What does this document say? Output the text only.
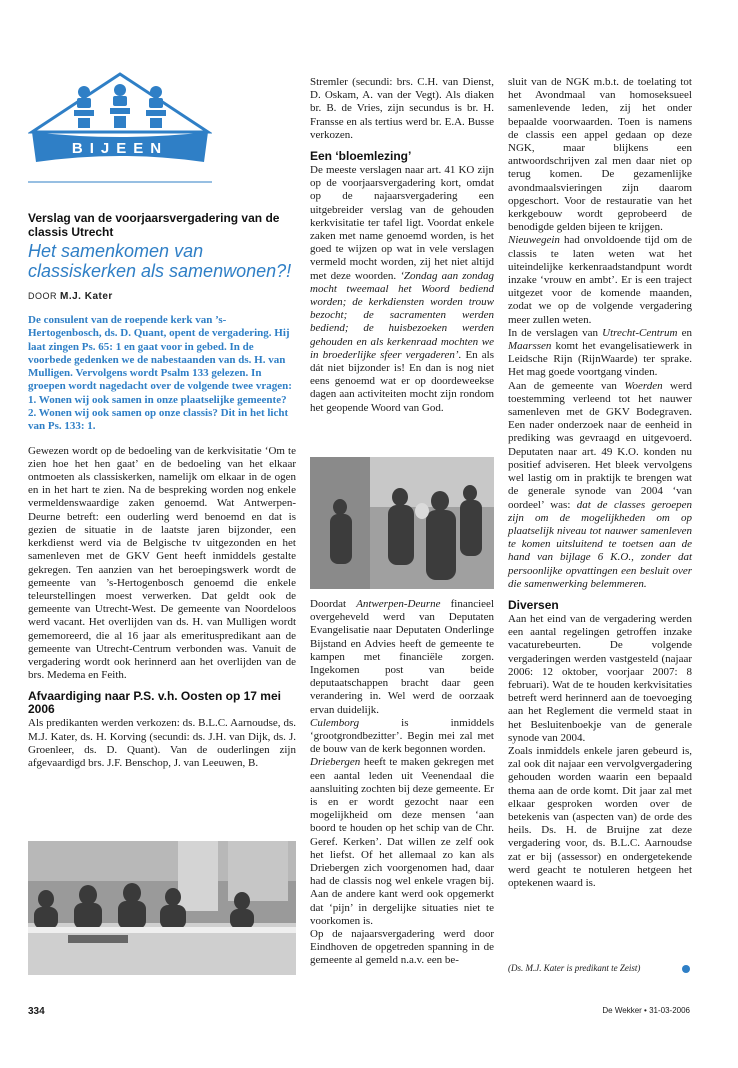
BIJEEN
Verslag van de voorjaarsvergadering van de classis Utrecht
Het samenkomen van classiskerken als samenwonen?!
DOOR M.J. Kater
De consulent van de roepende kerk van ’s-Hertogenbosch, ds. D. Quant, opent de vergadering. Hij laat zingen Ps. 65: 1 en gaat voor in gebed. In de voorbede gedenken we de nabestaanden van ds. H. van Mulligen. Vervolgens wordt Psalm 133 gelezen. In groepen wordt nagedacht over de volgende twee vragen: 1. Wonen wij ook samen in onze plaatselijke gemeente? 2. Wonen wij ook samen op onze classis? Dit in het licht van Ps. 133: 1.

Gewezen wordt op de bedoeling van de kerkvisitatie ‘Om te zien hoe het hen gaat’ en de bedoeling van het elkaar ontmoeten als classiskerken, namelijk om elkaar in de ogen en in het hart te zien. Na de bespreking worden nog enkele vermeldenswaardige zaken genoemd. Wat Antwerpen-Deurne betreft: een ouderling werd benoemd en dat is gezien de situatie in de laatste jaren bijzonder, een kerkdienst werd via de Belgische tv uitgezonden en het samenleven met de GKV Gent heeft inmiddels gestalte gekregen. Ten aanzien van het beroepingswerk wordt de gemeente van ’s-Hertogenbosch genoemd die enkele teleurstellingen moest verwerken. Dat geldt ook de gemeente van Utrecht-West. De gemeente van Noordeloos werd vacant. Het overlijden van ds. H. van Mulligen wordt gememoreerd, die al 16 jaar als emerituspredikant aan de gemeente van Utrecht-Centrum verbonden was. Vanuit de vergadering wordt ook herinnerd aan het overlijden van de brs. Medema en Feith.

Afvaardiging naar P.S. v.h. Oosten op 17 mei 2006

Als predikanten werden verkozen: ds. B.L.C. Aarnoudse, ds. M.J. Kater, ds. H. Korving (secundi: ds. J.H. van Dijk, ds. J. Groenleer, ds. D. Quant). Van de ouderlingen zijn afgevaardigd brs. J.F. Benschop, J. van Leeuwen, B.

Stremler (secundi: brs. C.H. van Dienst, D. Oskam, A. van der Vegt). Als diaken br. B. de Vries, zijn secundus is br. H. Fransse en als tertius werd br. E.A. Busse verkozen.

Een ‘bloemlezing’

De meeste verslagen naar art. 41 KO zijn op de voorjaarsvergadering kort, omdat op de najaarsvergadering een uitgebreider verslag van de gehouden kerkvisitatie ter tafel ligt. Voordat enkele zaken met name genoemd worden, is het goed te wijzen op wat in vele verslagen vermeld mocht worden, zij het niet altijd met deze woorden. ‘Zondag aan zondag mocht tweemaal het Woord bediend worden; de kerkdiensten worden trouw bezocht; de sacramenten werden bediend; de huisbezoeken werden gehouden en als kerkenraad mochten we in broederlijke sfeer vergaderen’. En als dát niet bijzonder is! En dan is nog niet eens genoemd wat er op doordeweekse dagen aan activiteiten mocht zijn rondom het geopende Woord van God.

Doordat Antwerpen-Deurne financieel overgeheveld werd van Deputaten Evangelisatie naar Deputaten Onderlinge Bijstand en Advies heeft de gemeente te kampen met financiële zorgen. Ingekomen post van beide deputaatschappen bracht daar geen verandering in. Wel werd de oorzaak ervan duidelijk.

Culemborg is inmiddels ‘grootgrondbezitter’. Begin mei zal met de bouw van de kerk begonnen worden.

Driebergen heeft te maken gekregen met een aantal leden uit Veenendaal die aansluiting zochten bij deze gemeente. Er is en er wordt gezocht naar een mogelijkheid om deze mensen ‘aan boord te houden op het schip van de Chr. Geref. Kerken’. Dat willen ze zelf ook het liefst. Of het allemaal zo kan als Driebergen zich voorgenomen had, daar had de classis nog wel enkele vragen bij. Aan de andere kant werd ook opgemerkt dat ‘pijn’ in dergelijke situaties niet te voorkomen is.

Op de najaarsvergadering werd door Eindhoven de opgetreden spanning in de gemeente al gemeld n.a.v. een be-

sluit van de NGK m.b.t. de toelating tot het Avondmaal van homoseksueel samenlevende leden, zij het onder bepaalde voorwaarden. Toen is namens de classis een appel gedaan op deze NGK, maar blijkens een antwoordschrijven zal men daar niet op terug komen. De gezamenlijke avondmaalsvieringen zijn daarom opgeschort. Voor de restauratie van het kerkgebouw wordt geprobeerd de benodigde gelden bijeen te krijgen.

Nieuwegein had onvoldoende tijd om de classis te laten weten wat het uiteindelijke kerkenraadstandpunt wordt inzake ‘vrouw en ambt’. Er is een traject uitgezet voor de komende maanden, zodat we op de volgende vergadering meer zullen weten.

In de verslagen van Utrecht-Centrum en Maarssen komt het evangelisatiewerk in Leidsche Rijn (RijnWaarde) ter sprake. Het mag goede voortgang vinden.

Aan de gemeente van Woerden werd toestemming verleend tot het nauwer samenleven met de GKV Bodegraven. Een nader onderzoek naar de eenheid in prediking was gevraagd en uitgevoerd. Deputaten naar art. 49 K.O. konden nu positief adviseren. Het bleek vervolgens wel lastig om in praktijk te brengen wat de generale synode van 2004 ‘van oordeel’ was: dat de classes geroepen zijn om de mogelijkheden om op plaatselijk niveau tot nauwer samenleven te komen uitsluitend te toetsen aan de hand van bijlage 6 K.O., zonder dat persoonlijke opvattingen een besluit over die samenwerking belemmeren.

Diversen

Aan het eind van de vergadering werden een aantal regelingen getroffen inzake vacaturebeurten. De volgende vergaderingen werden vastgesteld (najaar 2006: 12 oktober, voorjaar 2007: 8 februari). Wat de te houden kerkvisitaties betreft werd herinnerd aan de toevoeging aan het Reglement die vermeld staat in het Besluitenboekje van de generale synode van 2004.

Zoals inmiddels enkele jaren gebeurd is, zal ook dit najaar een vervolgvergadering gehouden worden waarin een bepaald thema aan de orde komt. Dit jaar zal met elkaar gesproken worden over de betekenis van (aspecten van) de orde des heils. Ds. H. de Bruijne zat deze vergadering voor, ds. B.L.C. Aarnoudse zat er bij (assessor) en ondergetekende werd geacht te notuleren hetgeen het optekenen waard is.

(Ds. M.J. Kater is predikant te Zeist)
334	De Wekker • 31-03-2006
